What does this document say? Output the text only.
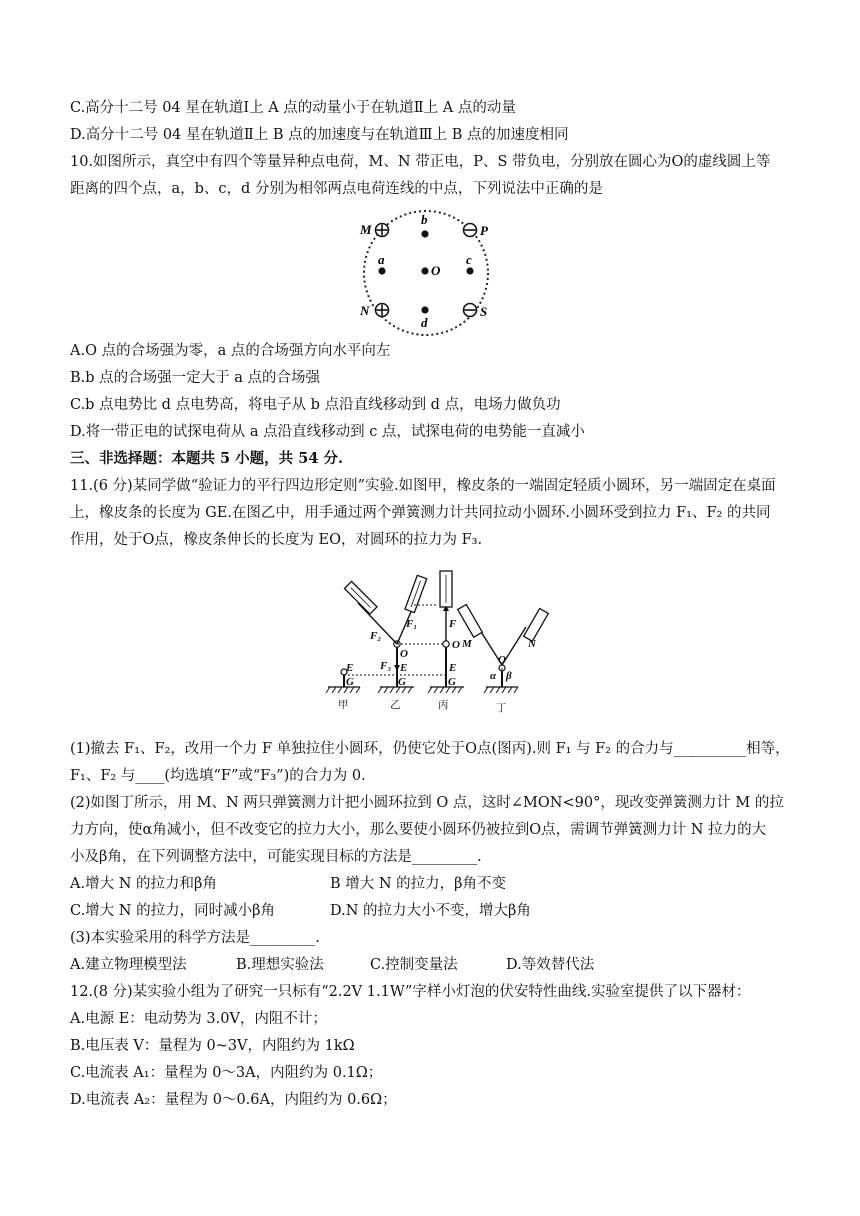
C.高分十二号 04 星在轨道Ⅰ上 A 点的动量小于在轨道Ⅱ上 A 点的动量
D.高分十二号 04 星在轨道Ⅱ上 B 点的加速度与在轨道Ⅲ上 B 点的加速度相同
10.如图所示，真空中有四个等量异种点电荷，M、N 带正电，P、S 带负电，分别放在圆心为O的虚线圆上等
距离的四个点，a，b、c，d 分别为相邻两点电荷连线的中点，下列说法中正确的是
M	P
N	S
b
a
O
c
d
A.O 点的合场强为零，a 点的合场强方向水平向左
B.b 点的合场强一定大于 a 点的合场强
C.b 点电势比 d 点电势高，将电子从 b 点沿直线移动到 d 点，电场力做负功
D.将一带正电的试探电荷从 a 点沿直线移动到 c 点，试探电荷的电势能一直减小
三、非选择题：本题共 5 小题，共 54 分.
11.(6 分)某同学做“验证力的平行四边形定则”实验.如图甲，橡皮条的一端固定轻质小圆环，另一端固定在桌面
上，橡皮条的长度为 GE.在图乙中，用手通过两个弹簧测力计共同拉动小圆环.小圆环受到拉力 F₁、F₂ 的共同
作用，处于O点，橡皮条伸长的长度为 EO，对圆环的拉力为 F₃.
E
G
E
G
O
F₂
F₁
F₃	E
G
O
F
M	N
O
α β
甲	乙	丙	丁
(1)撤去 F₁、F₂，改用一个力 F 单独拉住小圆环，仍使它处于O点(图丙).则 F₁ 与 F₂ 的合力与__________相等，
F₁、F₂ 与____(均选填“F”或“F₃”)的合力为 0.
(2)如图丁所示，用 M、N 两只弹簧测力计把小圆环拉到 O 点，这时∠MON<90°，现改变弹簧测力计 M 的拉
力方向，使α角减小，但不改变它的拉力大小，那么要使小圆环仍被拉到O点，需调节弹簧测力计 N 拉力的大
小及β角，在下列调整方法中，可能实现目标的方法是_________.
A.增大 N 的拉力和β角	B 增大 N 的拉力，β角不变
C.增大 N 的拉力，同时减小β角	D.N 的拉力大小不变，增大β角
(3)本实验采用的科学方法是_________.
A.建立物理模型法	B.理想实验法	C.控制变量法	D.等效替代法
12.(8 分)某实验小组为了研究一只标有“2.2V 1.1W”字样小灯泡的伏安特性曲线.实验室提供了以下器材：
A.电源 E：电动势为 3.0V，内阻不计；
B.电压表 V：量程为 0~3V，内阻约为 1kΩ
C.电流表 A₁：量程为 0～3A，内阻约为 0.1Ω；
D.电流表 A₂：量程为 0～0.6A，内阻约为 0.6Ω；
